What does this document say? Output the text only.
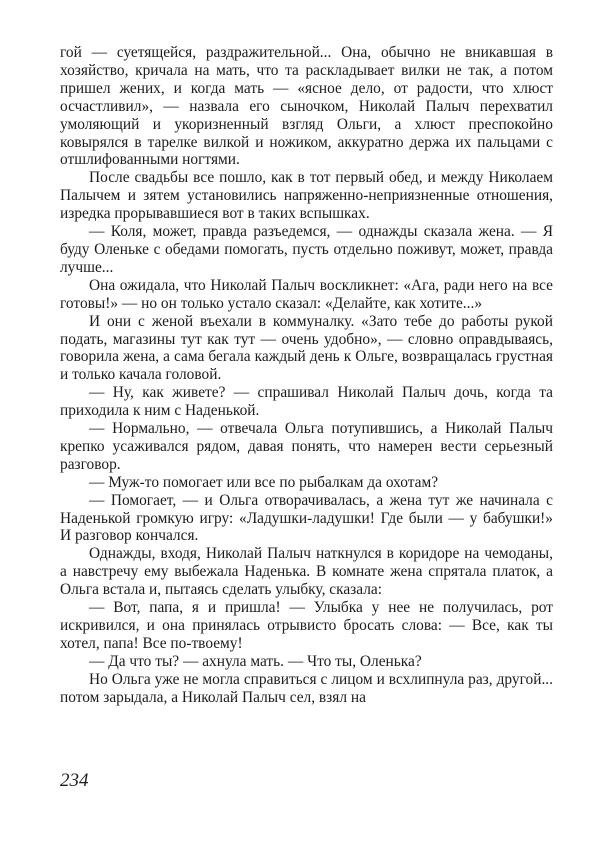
гой — суетящейся, раздражительной... Она, обычно не вникавшая в хозяйство, кричала на мать, что та раскладывает вилки не так, а потом пришел жених, и когда мать — «ясное дело, от радости, что хлюст осчастливил», — назвала его сыночком, Николай Палыч перехватил умоляющий и укоризненный взгляд Ольги, а хлюст преспокойно ковырялся в тарелке вилкой и ножиком, аккуратно держа их пальцами с отшлифованными ногтями.

После свадьбы все пошло, как в тот первый обед, и между Николаем Палычем и зятем установились напряженно-неприязненные отношения, изредка прорывавшиеся вот в таких вспышках.

— Коля, может, правда разъедемся, — однажды сказала жена. — Я буду Оленьке с обедами помогать, пусть отдельно поживут, может, правда лучше...

Она ожидала, что Николай Палыч воскликнет: «Ага, ради него на все готовы!» — но он только устало сказал: «Делайте, как хотите...»

И они с женой въехали в коммуналку. «Зато тебе до работы рукой подать, магазины тут как тут — очень удобно», — словно оправдываясь, говорила жена, а сама бегала каждый день к Ольге, возвращалась грустная и только качала головой.

— Ну, как живете? — спрашивал Николай Палыч дочь, когда та приходила к ним с Наденькой.

— Нормально, — отвечала Ольга потупившись, а Николай Палыч крепко усаживался рядом, давая понять, что намерен вести серьезный разговор.

— Муж-то помогает или все по рыбалкам да охотам?

— Помогает, — и Ольга отворачивалась, а жена тут же начинала с Наденькой громкую игру: «Ладушки-ладушки! Где были — у бабушки!» И разговор кончался.

Однажды, входя, Николай Палыч наткнулся в коридоре на чемоданы, а навстречу ему выбежала Наденька. В комнате жена спрятала платок, а Ольга встала и, пытаясь сделать улыбку, сказала:

— Вот, папа, я и пришла! — Улыбка у нее не получилась, рот искривился, и она принялась отрывисто бросать слова: — Все, как ты хотел, папа! Все по-твоему!

— Да что ты? — ахнула мать. — Что ты, Оленька?

Но Ольга уже не могла справиться с лицом и всхлипнула раз, другой... потом зарыдала, а Николай Палыч сел, взял на

234
